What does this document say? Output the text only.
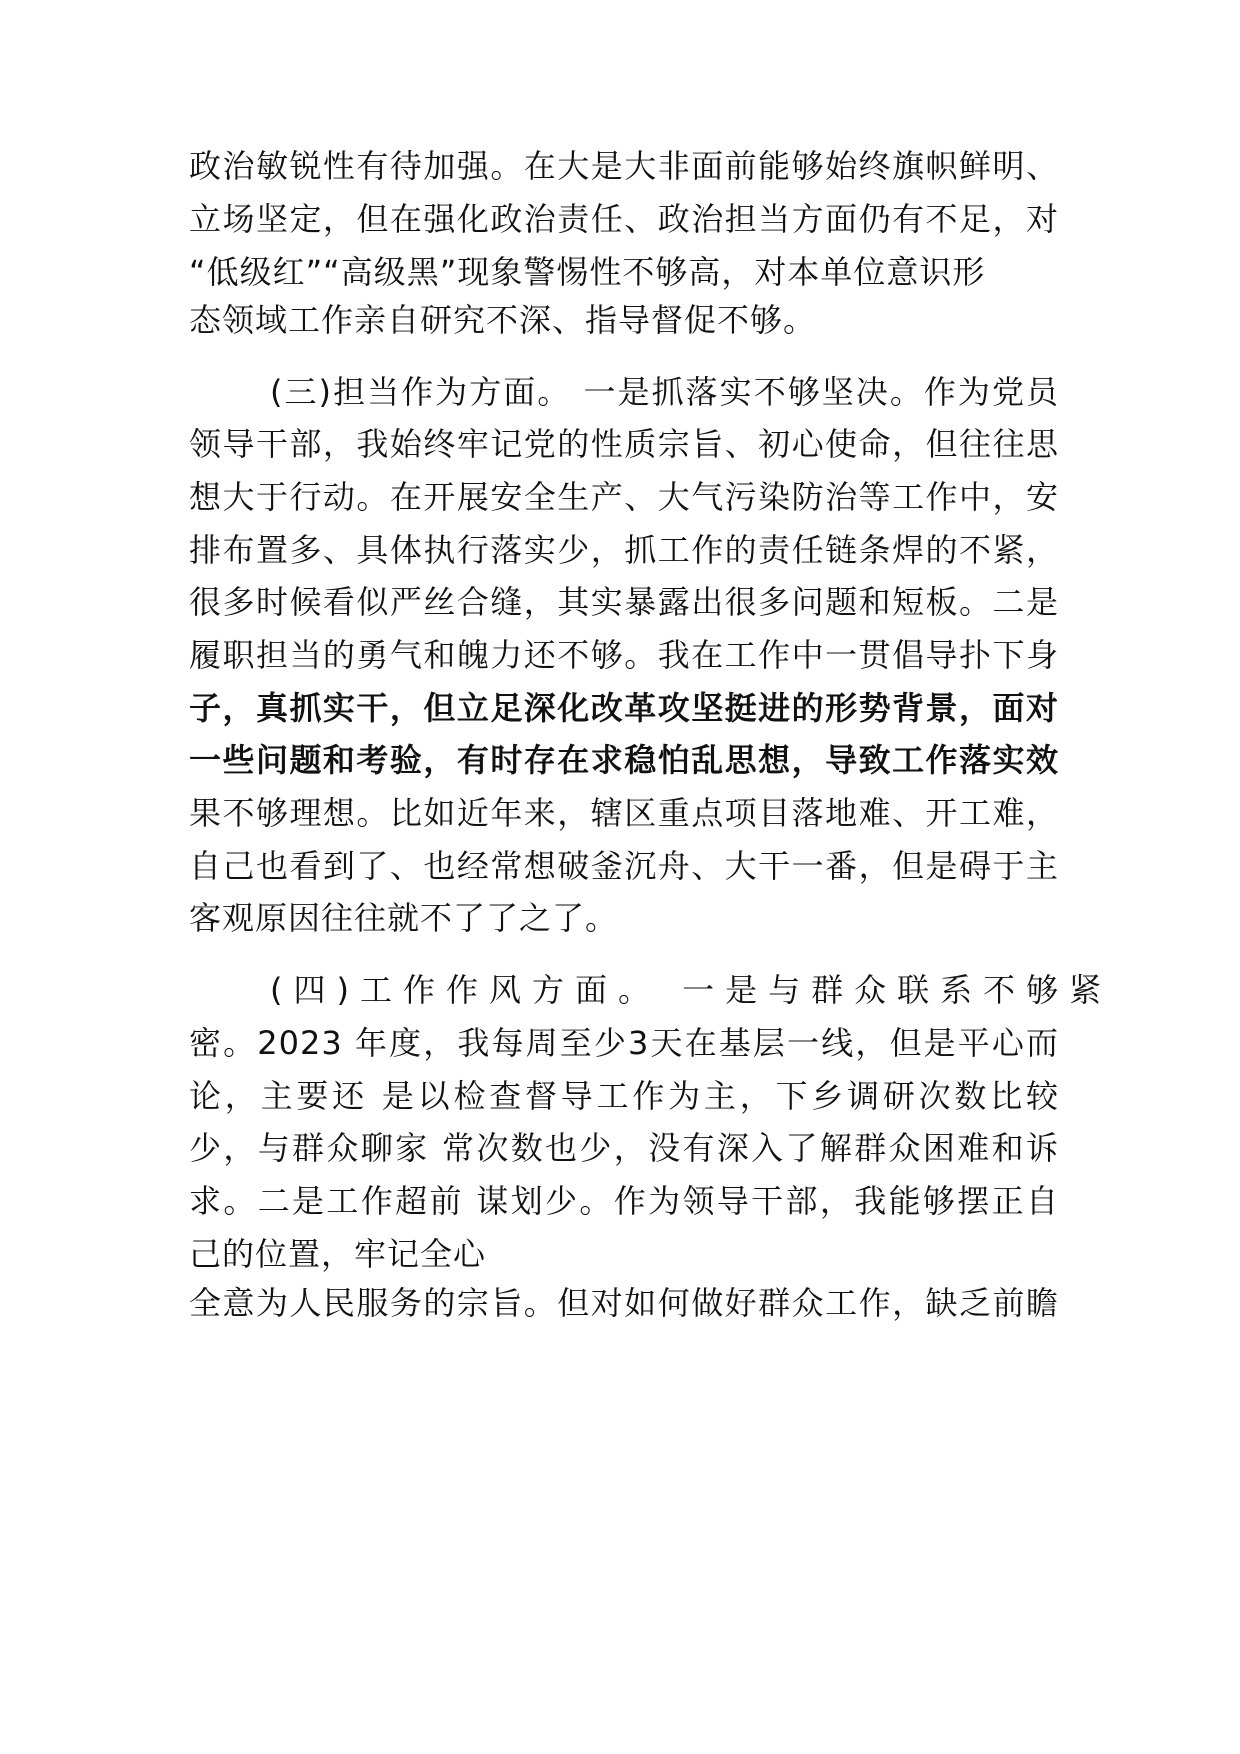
政治敏锐性有待加强。在大是大非面前能够始终旗帜鲜明、
立场坚定，但在强化政治责任、政治担当方面仍有不足，对
“低级红”“高级黑”现象警惕性不够高，对本单位意识形
态领域工作亲自研究不深、指导督促不够。
(三)担当作为方面。 一是抓落实不够坚决。作为党员
领导干部，我始终牢记党的性质宗旨、初心使命，但往往思
想大于行动。在开展安全生产、大气污染防治等工作中，安
排布置多、具体执行落实少，抓工作的责任链条焊的不紧，
很多时候看似严丝合缝，其实暴露出很多问题和短板。二是
履职担当的勇气和魄力还不够。我在工作中一贯倡导扑下身
子，真抓实干，但立足深化改革攻坚挺进的形势背景，面对
一些问题和考验，有时存在求稳怕乱思想，导致工作落实效
果不够理想。比如近年来，辖区重点项目落地难、开工难，
自己也看到了、也经常想破釜沉舟、大干一番，但是碍于主
客观原因往往就不了了之了。
(四)工作作风方面。 一是与群众联系不够紧
密。2023 年度，我每周至少3天在基层一线，但是平心而
论，主要还 是以检查督导工作为主，下乡调研次数比较
少，与群众聊家 常次数也少，没有深入了解群众困难和诉
求。二是工作超前 谋划少。作为领导干部，我能够摆正自
己的位置，牢记全心
全意为人民服务的宗旨。但对如何做好群众工作，缺乏前瞻
